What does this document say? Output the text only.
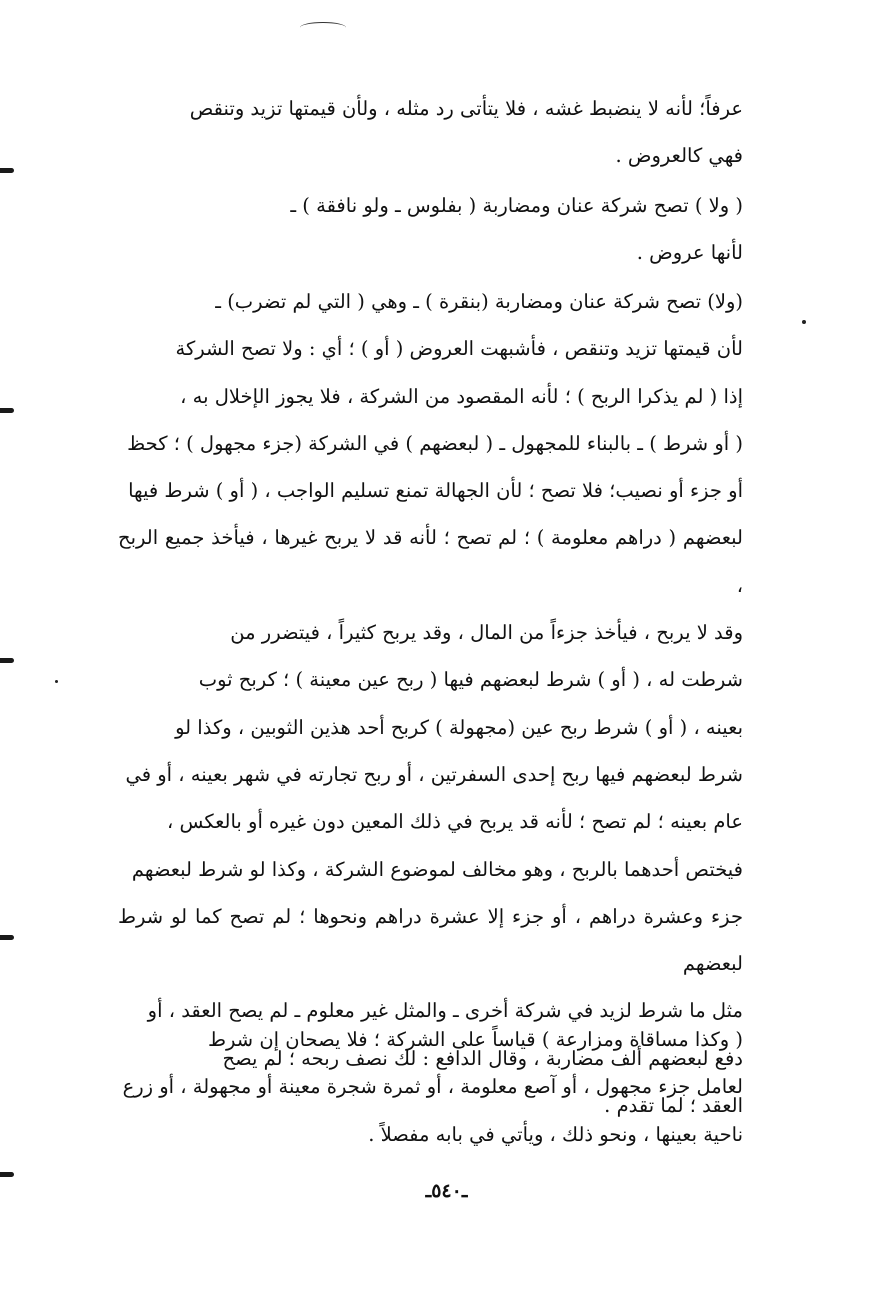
عرفاً؛ لأنه لا ينضبط غشه ، فلا يتأتى رد مثله ، ولأن قيمتها تزيد وتنقص
فهي كالعروض .
( ولا ) تصح شركة عنان ومضاربة ( بفلوس ـ ولو نافقة ) ـ
لأنها عروض .
(ولا) تصح شركة عنان ومضاربة (بنقرة ) ـ وهي ( التي لم تضرب) ـ
لأن قيمتها تزيد وتنقص ، فأشبهت العروض ( أو ) ؛ أي : ولا تصح الشركة
إذا ( لم يذكرا الربح ) ؛ لأنه المقصود من الشركة ، فلا يجوز الإخلال به ،
( أو شرط ) ـ بالبناء للمجهول ـ ( لبعضهم ) في الشركة (جزء مجهول ) ؛ كحظ
أو جزء أو نصيب؛ فلا تصح ؛ لأن الجهالة تمنع تسليم الواجب ، ( أو ) شرط فيها
لبعضهم ( دراهم معلومة ) ؛ لم تصح ؛ لأنه قد لا يربح غيرها ، فيأخذ جميع الربح ،
وقد لا يربح ، فيأخذ جزءاً من المال ، وقد يربح كثيراً ، فيتضرر من
شرطت له ، ( أو ) شرط لبعضهم فيها ( ربح عين معينة ) ؛ كربح ثوب
بعينه ، ( أو ) شرط ربح عين (مجهولة ) كربح أحد هذين الثوبين ، وكذا لو
شرط لبعضهم فيها ربح إحدى السفرتين ، أو ربح تجارته في شهر بعينه ، أو في
عام بعينه ؛ لم تصح ؛ لأنه قد يربح في ذلك المعين دون غيره أو بالعكس ،
فيختص أحدهما بالربح ، وهو مخالف لموضوع الشركة ، وكذا لو شرط لبعضهم
جزء وعشرة دراهم ، أو جزء إلا عشرة دراهم ونحوها ؛ لم تصح كما لو شرط لبعضهم
مثل ما شرط لزيد في شركة أخرى ـ والمثل غير معلوم ـ لم يصح العقد ، أو
دفع لبعضهم ألف مضاربة ، وقال الدافع : لك نصف ربحه ؛ لم يصح
العقد ؛ لما تقدم .
( وكذا مساقاة ومزارعة ) قياساً على الشركة ؛ فلا يصحان إن شرط
لعامل جزء مجهول ، أو آصع معلومة ، أو ثمرة شجرة معينة أو مجهولة ، أو زرع
ناحية بعينها ، ونحو ذلك ، ويأتي في بابه مفصلاً .
ـ٥٤٠ـ
